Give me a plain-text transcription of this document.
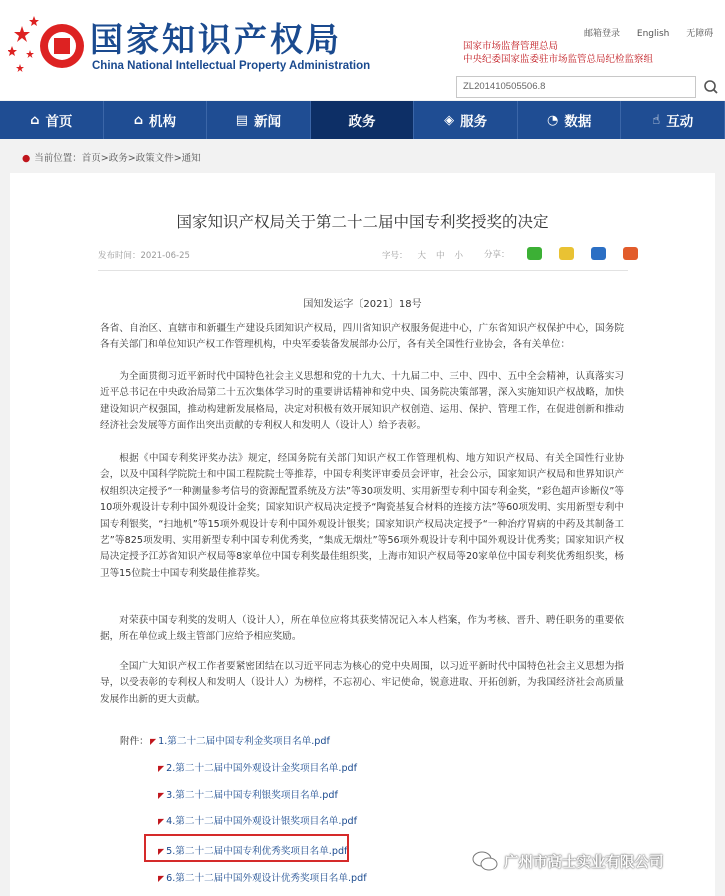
国家知识产权局
China National Intellectual Property Administration
邮箱登录 English 无障碍
国家市场监督管理总局
中央纪委国家监委驻市场监管总局纪检监察组
ZL201410505506.8
⌂ 首页	⌂ 机构	▤ 新闻	政务	◈ 服务	◔ 数据	☝ 互动
● 当前位置：首页>政务>政策文件>通知
国家知识产权局关于第二十二届中国专利奖授奖的决定
发布时间：2021-06-25	字号： 大 中 小	分享：
国知发运字〔2021〕18号
各省、自治区、直辖市和新疆生产建设兵团知识产权局，四川省知识产权服务促进中心，广东省知识产权保护中心，国务院各有关部门和单位知识产权工作管理机构，中央军委装备发展部办公厅，各有关全国性行业协会，各有关单位：
为全面贯彻习近平新时代中国特色社会主义思想和党的十九大、十九届二中、三中、四中、五中全会精神，认真落实习近平总书记在中央政治局第二十五次集体学习时的重要讲话精神和党中央、国务院决策部署，深入实施知识产权战略，加快建设知识产权强国，推动构建新发展格局，决定对积极有效开展知识产权创造、运用、保护、管理工作，在促进创新和推动经济社会发展等方面作出突出贡献的专利权人和发明人（设计人）给予表彰。
根据《中国专利奖评奖办法》规定，经国务院有关部门知识产权工作管理机构、地方知识产权局、有关全国性行业协会，以及中国科学院院士和中国工程院院士等推荐，中国专利奖评审委员会评审，社会公示，国家知识产权局和世界知识产权组织决定授予“一种测量参考信号的资源配置系统及方法”等30项发明、实用新型专利中国专利金奖，“彩色超声诊断仪”等10项外观设计专利中国外观设计金奖；国家知识产权局决定授予“陶瓷基复合材料的连接方法”等60项发明、实用新型专利中国专利银奖，“扫地机”等15项外观设计专利中国外观设计银奖；国家知识产权局决定授予“一种治疗胃病的中药及其制备工艺”等825项发明、实用新型专利中国专利优秀奖，“集成无烟灶”等56项外观设计专利中国外观设计优秀奖；国家知识产权局决定授予江苏省知识产权局等8家单位中国专利奖最佳组织奖，上海市知识产权局等20家单位中国专利奖优秀组织奖，杨卫等15位院士中国专利奖最佳推荐奖。
对荣获中国专利奖的发明人（设计人），所在单位应将其获奖情况记入本人档案，作为考核、晋升、聘任职务的重要依据，所在单位或上级主管部门应给予相应奖励。
全国广大知识产权工作者要紧密团结在以习近平同志为核心的党中央周围，以习近平新时代中国特色社会主义思想为指导，以受表彰的专利权人和发明人（设计人）为榜样，不忘初心、牢记使命，锐意进取、开拓创新，为我国经济社会高质量发展作出新的更大贡献。
附件： ◤ 1.第二十二届中国专利金奖项目名单.pdf
◤ 2.第二十二届中国外观设计金奖项目名单.pdf
◤ 3.第二十二届中国专利银奖项目名单.pdf
◤ 4.第二十二届中国外观设计银奖项目名单.pdf
◤ 5.第二十二届中国专利优秀奖项目名单.pdf
◤ 6.第二十二届中国外观设计优秀奖项目名单.pdf
广州市高士实业有限公司
